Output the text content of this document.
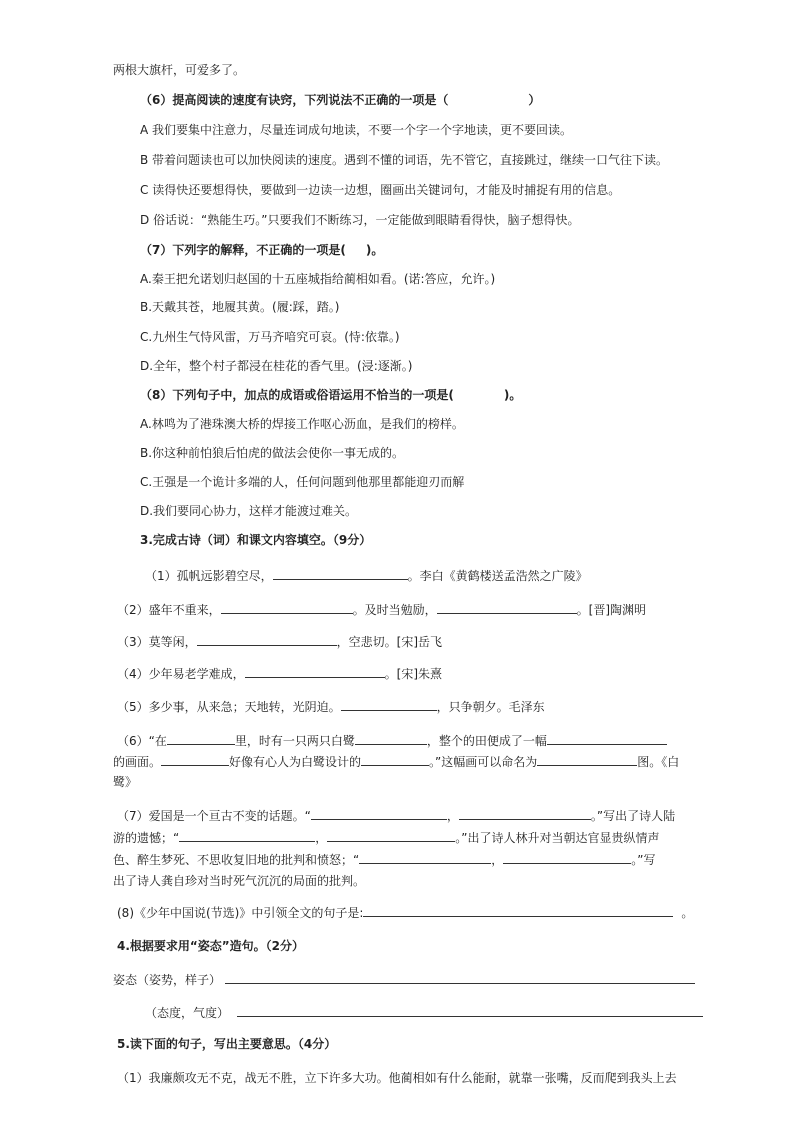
两根大旗杆，可爱多了。
（6）提高阅读的速度有诀窍，下列说法不正确的一项是（	）
A 我们要集中注意力，尽量连词成句地读，不要一个字一个字地读，更不要回读。
B 带着问题读也可以加快阅读的速度。遇到不懂的词语，先不管它，直接跳过，继续一口气往下读。
C 读得快还要想得快，要做到一边读一边想，圈画出关键词句，才能及时捕捉有用的信息。
D 俗话说：“熟能生巧。”只要我们不断练习，一定能做到眼睛看得快，脑子想得快。
（7）下列字的解释，不正确的一项是( )。
A.秦王把允诺划归赵国的十五座城指给蔺相如看。(诺:答应，允许。)
B.天戴其苍，地履其黄。(履:踩，踏。)
C.九州生气恃风雷，万马齐喑究可哀。(恃:依靠。)
D.全年，整个村子都浸在桂花的香气里。(浸:逐渐。)
（8）下列句子中，加点的成语或俗语运用不恰当的一项是(	)。
A.林鸣为了港珠澳大桥的焊接工作呕心沥血，是我们的榜样。
B.你这种前怕狼后怕虎的做法会使你一事无成的。
C.王强是一个诡计多端的人，任何问题到他那里都能迎刃而解
D.我们要同心协力，这样才能渡过难关。
3.完成古诗（词）和课文内容填空。（9分）
（1）孤帆远影碧空尽，	。李白《黄鹤楼送孟浩然之广陵》
（2）盛年不重来，	。及时当勉励，	。[晋]陶渊明
（3）莫等闲，	，空悲切。[宋]岳飞
（4）少年易老学难成，	。[宋]朱熹
（5）多少事，从来急；天地转，光阴迫。	，只争朝夕。毛泽东
（6）“在	里，时有一只两只白鹭	，整个的田便成了一幅
的画面。	好像有心人为白鹭设计的	。”这幅画可以命名为	图。《白
鹭》
（7）爱国是一个亘古不变的话题。“	，	。”写出了诗人陆
游的遗憾；“	，	。”出了诗人林升对当朝达官显贵纵情声
色、醉生梦死、不思收复旧地的批判和愤怒；“	，	。”写
出了诗人龚自珍对当时死气沉沉的局面的批判。
(8)《少年中国说(节选)》中引领全文的句子是:	。
4.根据要求用“姿态”造句。（2分）
姿态（姿势，样子）
（态度，气度）
5.读下面的句子，写出主要意思。（4分）
（1）我廉颇攻无不克，战无不胜，立下许多大功。他蔺相如有什么能耐，就靠一张嘴，反而爬到我头上去
